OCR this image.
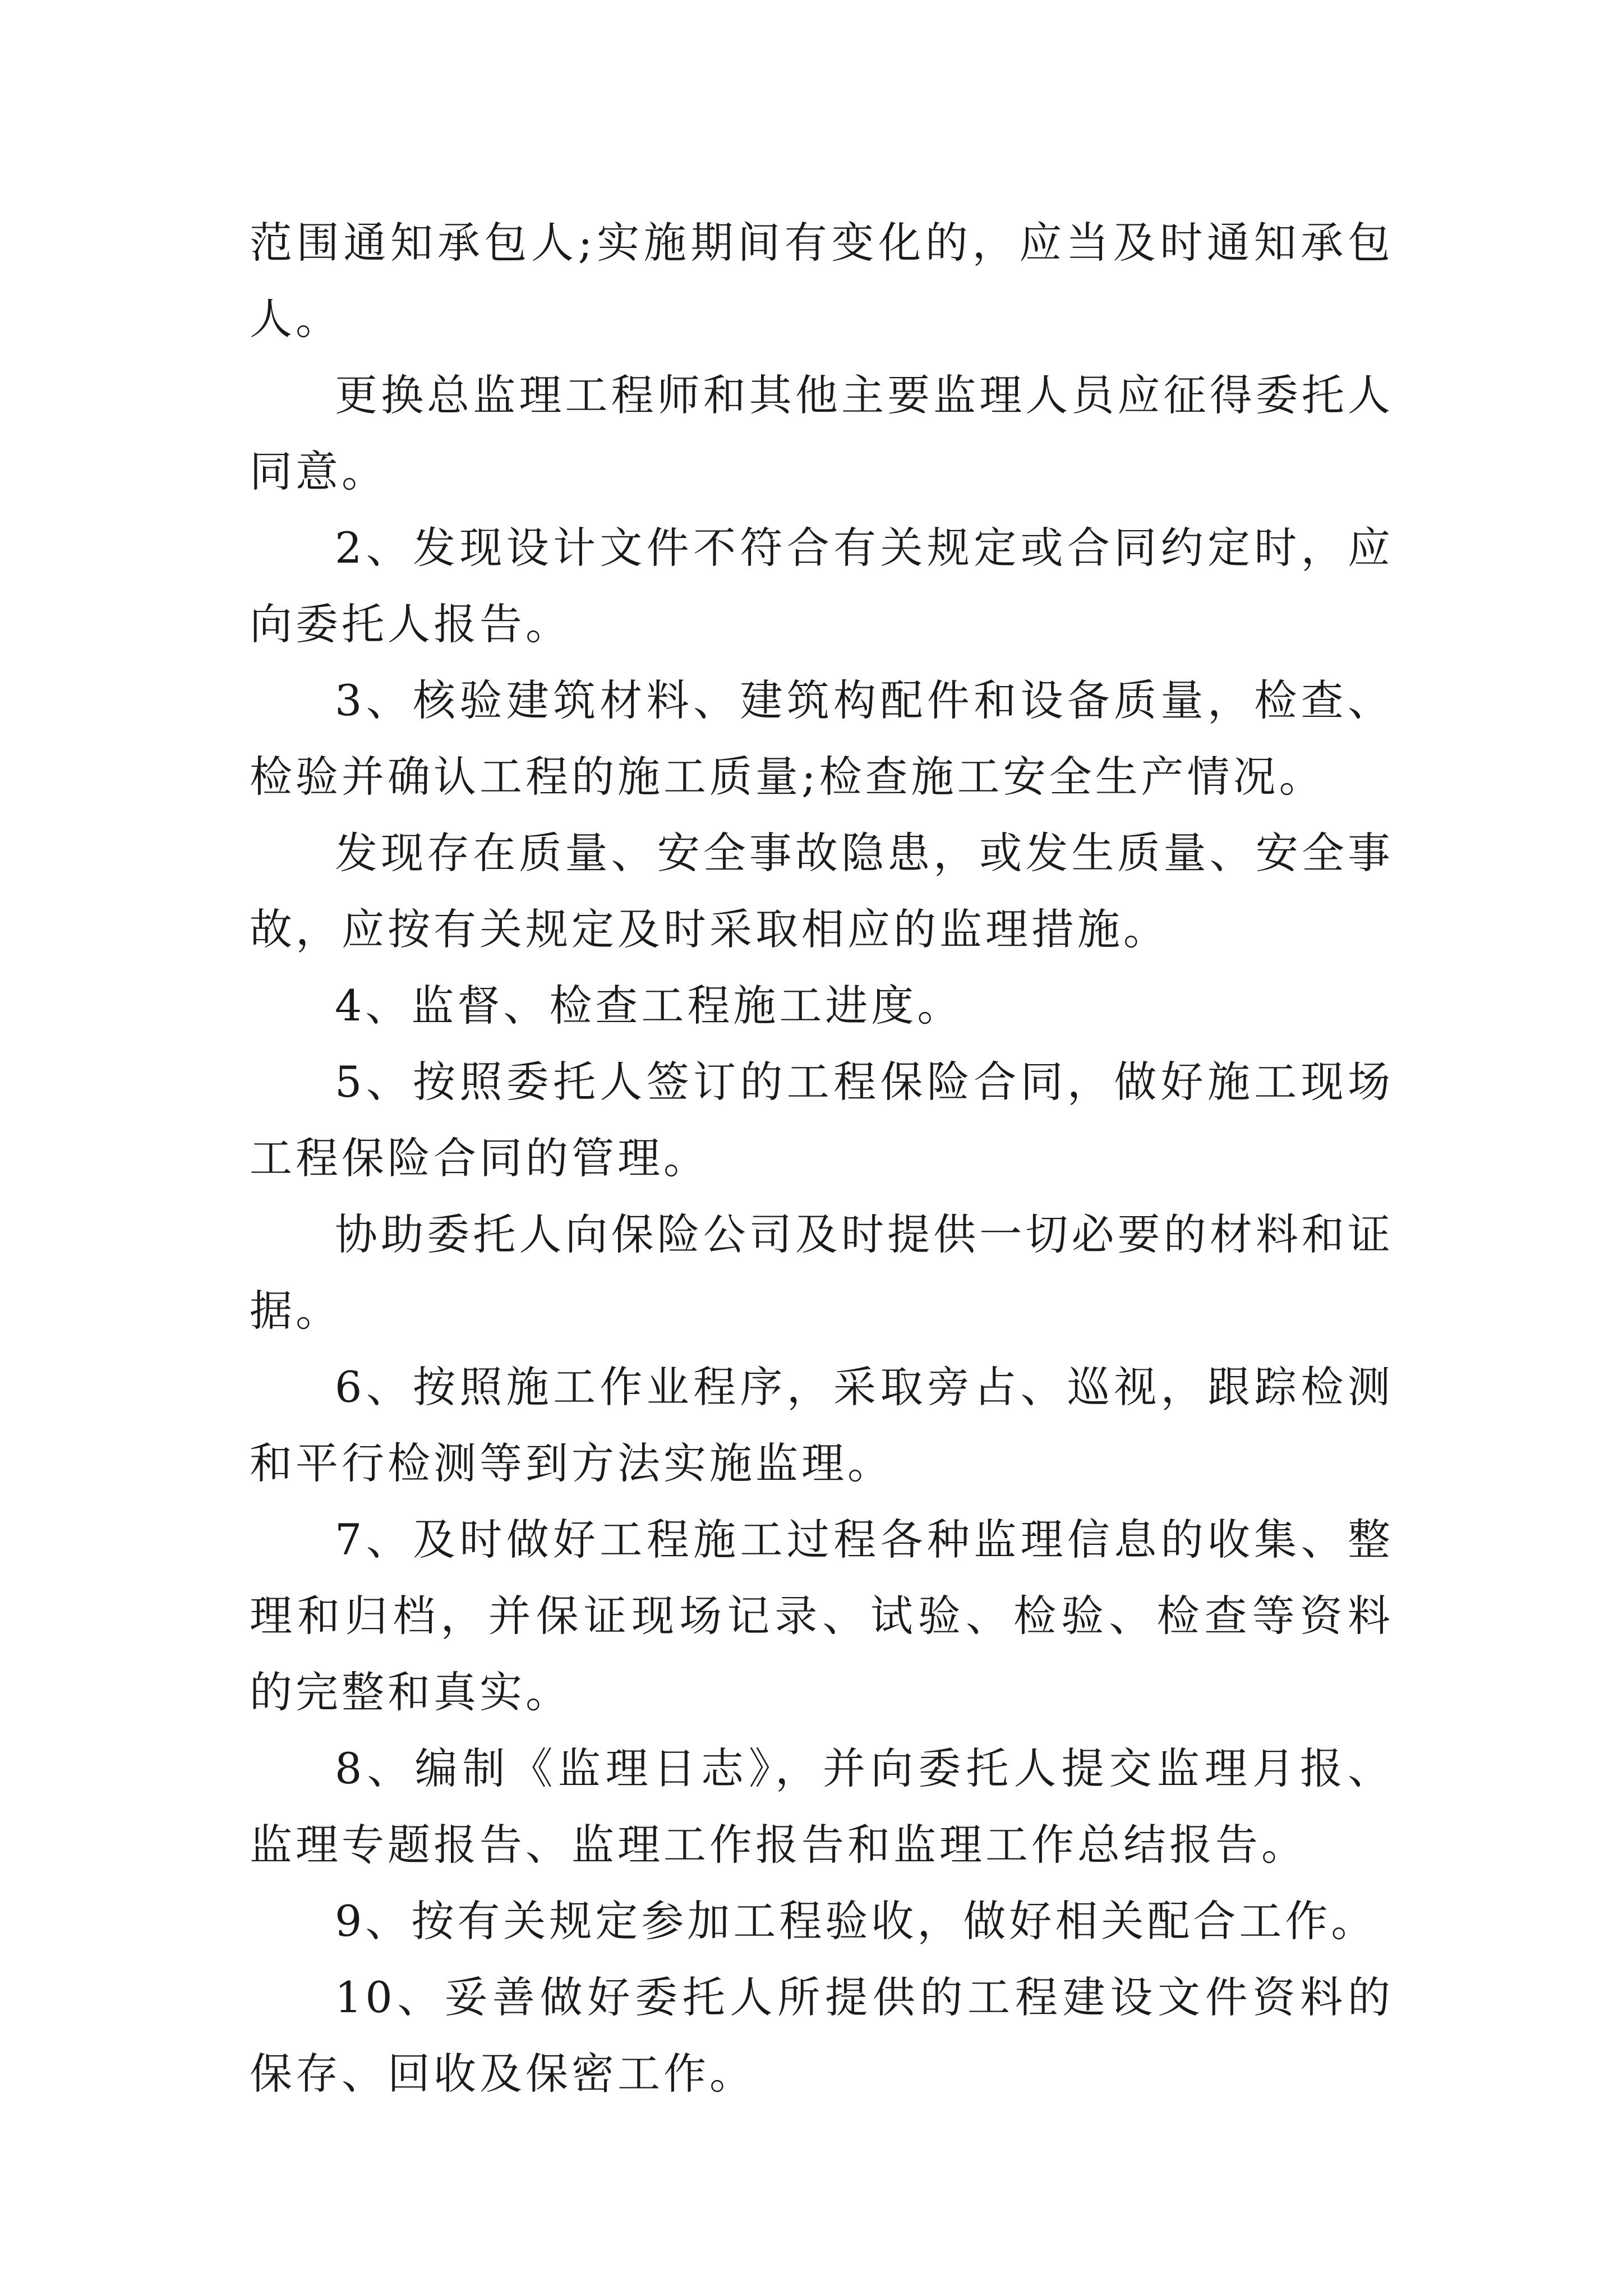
范围通知承包人;实施期间有变化的，应当及时通知承包人。

更换总监理工程师和其他主要监理人员应征得委托人同意。

2、发现设计文件不符合有关规定或合同约定时，应向委托人报告。

3、核验建筑材料、建筑构配件和设备质量，检查、检验并确认工程的施工质量;检查施工安全生产情况。

发现存在质量、安全事故隐患，或发生质量、安全事故，应按有关规定及时采取相应的监理措施。

4、监督、检查工程施工进度。

5、按照委托人签订的工程保险合同，做好施工现场工程保险合同的管理。

协助委托人向保险公司及时提供一切必要的材料和证据。

6、按照施工作业程序，采取旁占、巡视，跟踪检测和平行检测等到方法实施监理。

7、及时做好工程施工过程各种监理信息的收集、整理和归档，并保证现场记录、试验、检验、检查等资料的完整和真实。

8、编制《监理日志》，并向委托人提交监理月报、监理专题报告、监理工作报告和监理工作总结报告。

9、按有关规定参加工程验收，做好相关配合工作。

10、妥善做好委托人所提供的工程建设文件资料的保存、回收及保密工作。
